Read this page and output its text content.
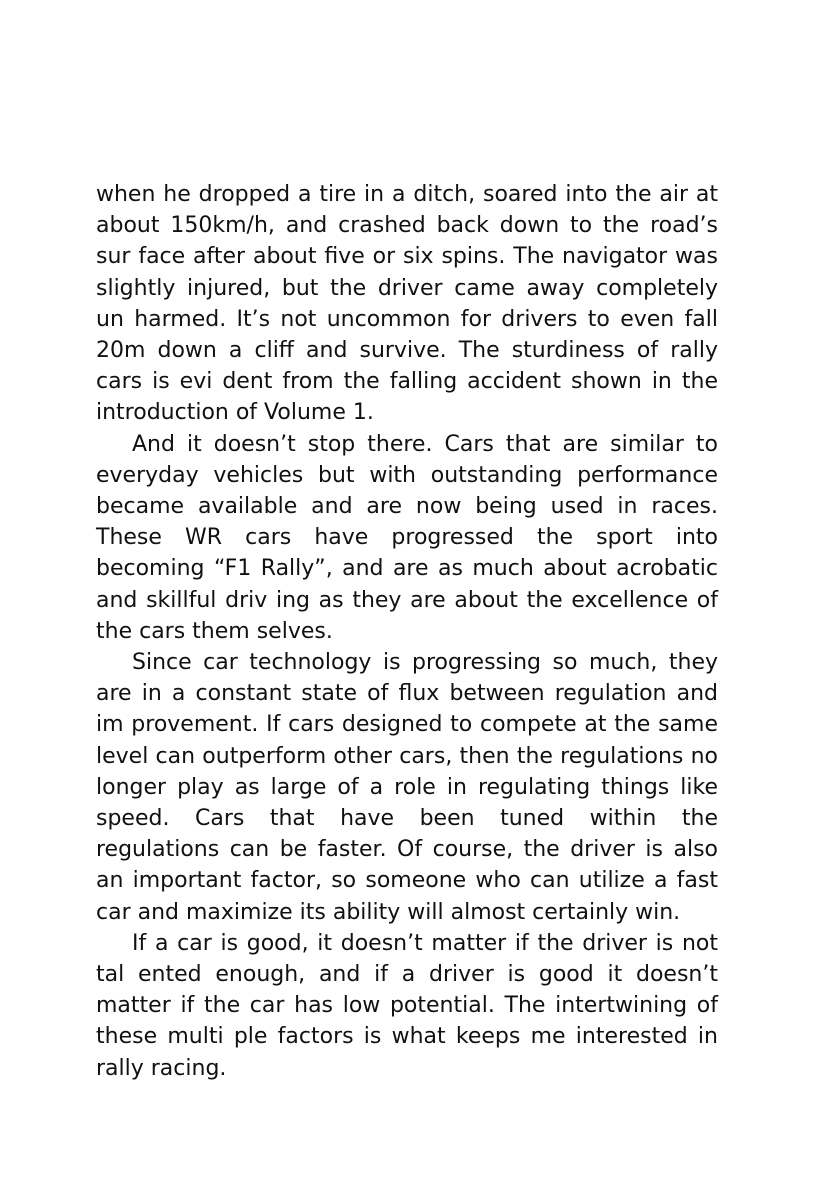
when he dropped a tire in a ditch, soared into the air at about 150km/h, and crashed back down to the road’s sur face after about five or six spins. The navigator was slightly injured, but the driver came away completely un harmed. It’s not uncommon for drivers to even fall 20m down a cliff and survive. The sturdiness of rally cars is evi dent from the falling accident shown in the introduction of Volume 1.

And it doesn’t stop there. Cars that are similar to everyday vehicles but with outstanding performance became available and are now being used in races. These WR cars have progressed the sport into becoming “F1 Rally”, and are as much about acrobatic and skillful driv ing as they are about the excellence of the cars them selves.

Since car technology is progressing so much, they are in a constant state of flux between regulation and im provement. If cars designed to compete at the same level can outperform other cars, then the regulations no longer play as large of a role in regulating things like speed. Cars that have been tuned within the regulations can be faster. Of course, the driver is also an important factor, so someone who can utilize a fast car and maximize its ability will almost certainly win.

If a car is good, it doesn’t matter if the driver is not tal ented enough, and if a driver is good it doesn’t matter if the car has low potential. The intertwining of these multi ple factors is what keeps me interested in rally racing.
